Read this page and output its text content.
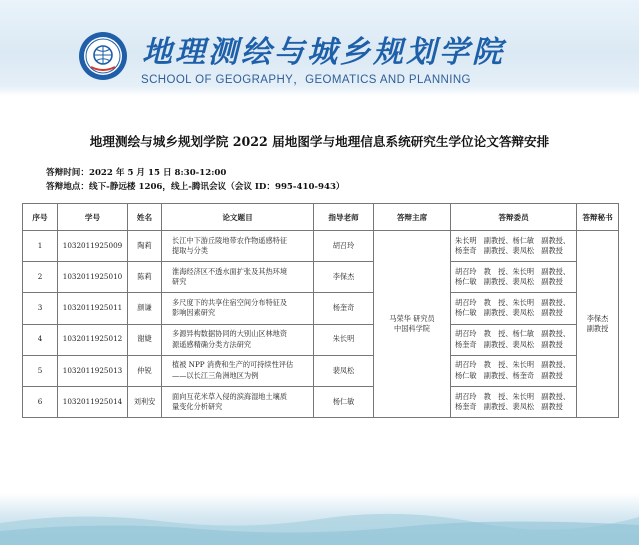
地理测绘与城乡规划学院
SCHOOL OF GEOGRAPHY，GEOMATICS AND PLANNING
地理测绘与城乡规划学院 2022 届地图学与地理信息系统研究生学位论文答辩安排
答辩时间：2022 年 5 月 15 日 8:30-12:00
答辩地点：线下-静远楼 1206，线上-腾讯会议（会议 ID：995-410-943）
序号	学号	姓名	论文题目	指导老师	答辩主席	答辩委员	答辩秘书
1	1032011925009	陶莉	长江中下游丘陵地带农作物遥感特征
提取与分类	胡召玲	马荣华 研究员
中国科学院	朱长明　副教授、杨仁敏　副教授、
杨奎奇　副教授、裴凤松　副教授	李保杰
副教授
2	1032011925010	陈莉	淮海经济区不透水面扩张及其热环境
研究	李保杰		胡召玲　教　授、朱长明　副教授、
杨仁敏　副教授、裴凤松　副教授	
3	1032011925011	颜谦	多尺度下的共享住宿空间分布特征及
影响因素研究	杨奎奇		胡召玲　教　授、朱长明　副教授、
杨仁敏　副教授、裴凤松　副教授	
4	1032011925012	谢婕	多源异构数据协同的大别山区林地资
源遥感精确分类方法研究	朱长明		胡召玲　教　授、杨仁敏　副教授、
杨奎奇　副教授、裴凤松　副教授	
5	1032011925013	仲锐	植被 NPP 消费和生产的可持续性评估
——以长江三角洲地区为例	裴凤松		胡召玲　教　授、朱长明　副教授、
杨仁敏　副教授、杨奎奇　副教授	
6	1032011925014	刘利安	面向互花米草入侵的滨海湿地土壤质
量变化分析研究	杨仁敏		胡召玲　教　授、朱长明　副教授、
杨奎奇　副教授、裴凤松　副教授	
